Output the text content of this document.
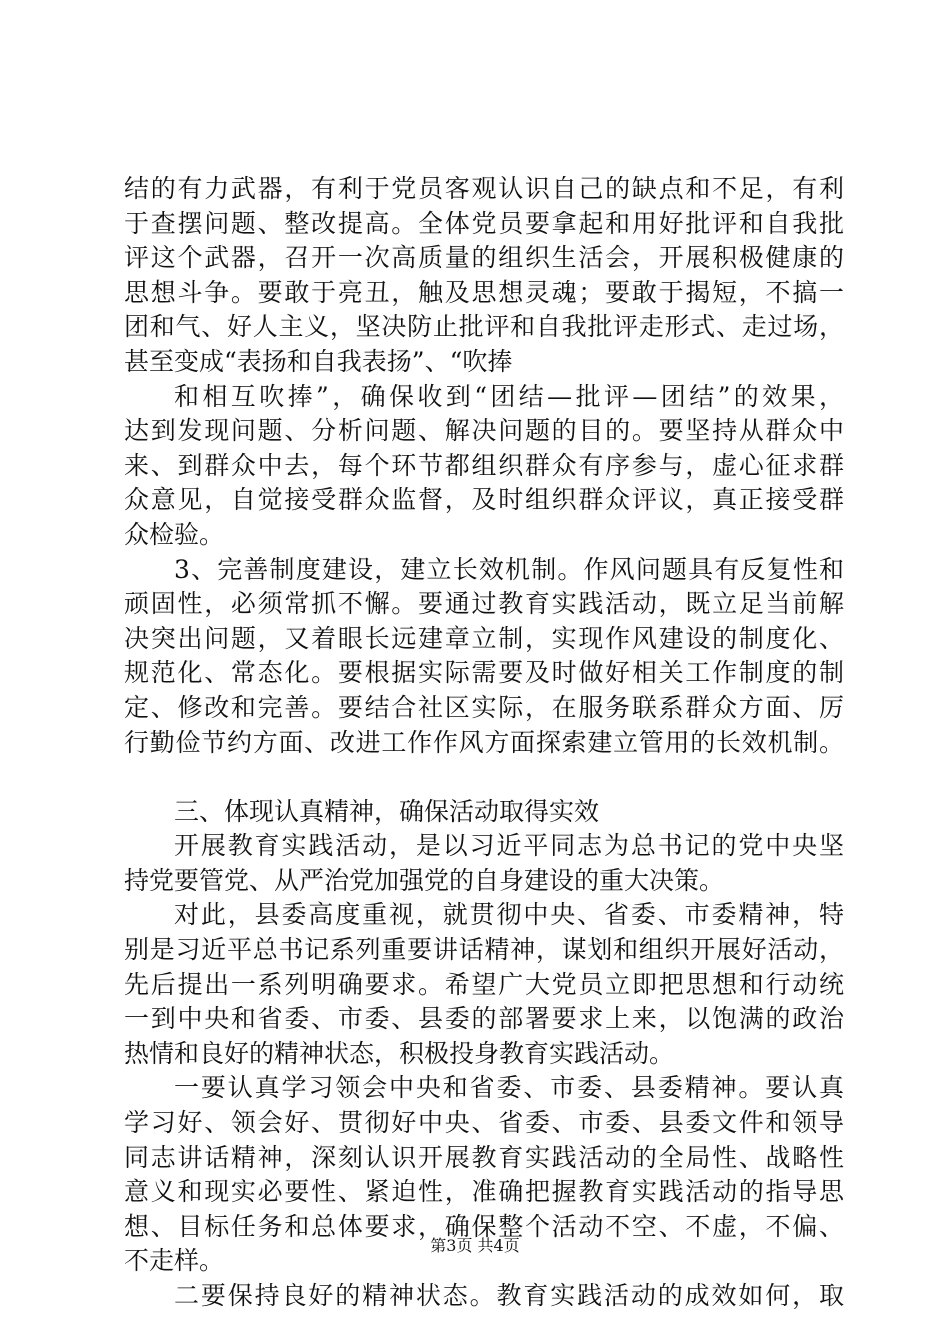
结的有力武器，有利于党员客观认识自己的缺点和不足，有利
于查摆问题、整改提高。全体党员要拿起和用好批评和自我批
评这个武器，召开一次高质量的组织生活会，开展积极健康的
思想斗争。要敢于亮丑，触及思想灵魂；要敢于揭短，不搞一
团和气、好人主义，坚决防止批评和自我批评走形式、走过场，
甚至变成“表扬和自我表扬”、“吹捧
和相互吹捧”，确保收到“团结—批评—团结”的效果，
达到发现问题、分析问题、解决问题的目的。要坚持从群众中
来、到群众中去，每个环节都组织群众有序参与，虚心征求群
众意见，自觉接受群众监督，及时组织群众评议，真正接受群
众检验。
3、完善制度建设，建立长效机制。作风问题具有反复性和
顽固性，必须常抓不懈。要通过教育实践活动，既立足当前解
决突出问题，又着眼长远建章立制，实现作风建设的制度化、
规范化、常态化。要根据实际需要及时做好相关工作制度的制
定、修改和完善。要结合社区实际，在服务联系群众方面、厉
行勤俭节约方面、改进工作作风方面探索建立管用的长效机制。
三、体现认真精神，确保活动取得实效
开展教育实践活动，是以习近平同志为总书记的党中央坚
持党要管党、从严治党加强党的自身建设的重大决策。
对此，县委高度重视，就贯彻中央、省委、市委精神，特
别是习近平总书记系列重要讲话精神，谋划和组织开展好活动，
先后提出一系列明确要求。希望广大党员立即把思想和行动统
一到中央和省委、市委、县委的部署要求上来，以饱满的政治
热情和良好的精神状态，积极投身教育实践活动。
一要认真学习领会中央和省委、市委、县委精神。要认真
学习好、领会好、贯彻好中央、省委、市委、县委文件和领导
同志讲话精神，深刻认识开展教育实践活动的全局性、战略性
意义和现实必要性、紧迫性，准确把握教育实践活动的指导思
想、目标任务和总体要求，确保整个活动不空、不虚，不偏、
不走样。
二要保持良好的精神状态。教育实践活动的成效如何，取
第3页 共4页
